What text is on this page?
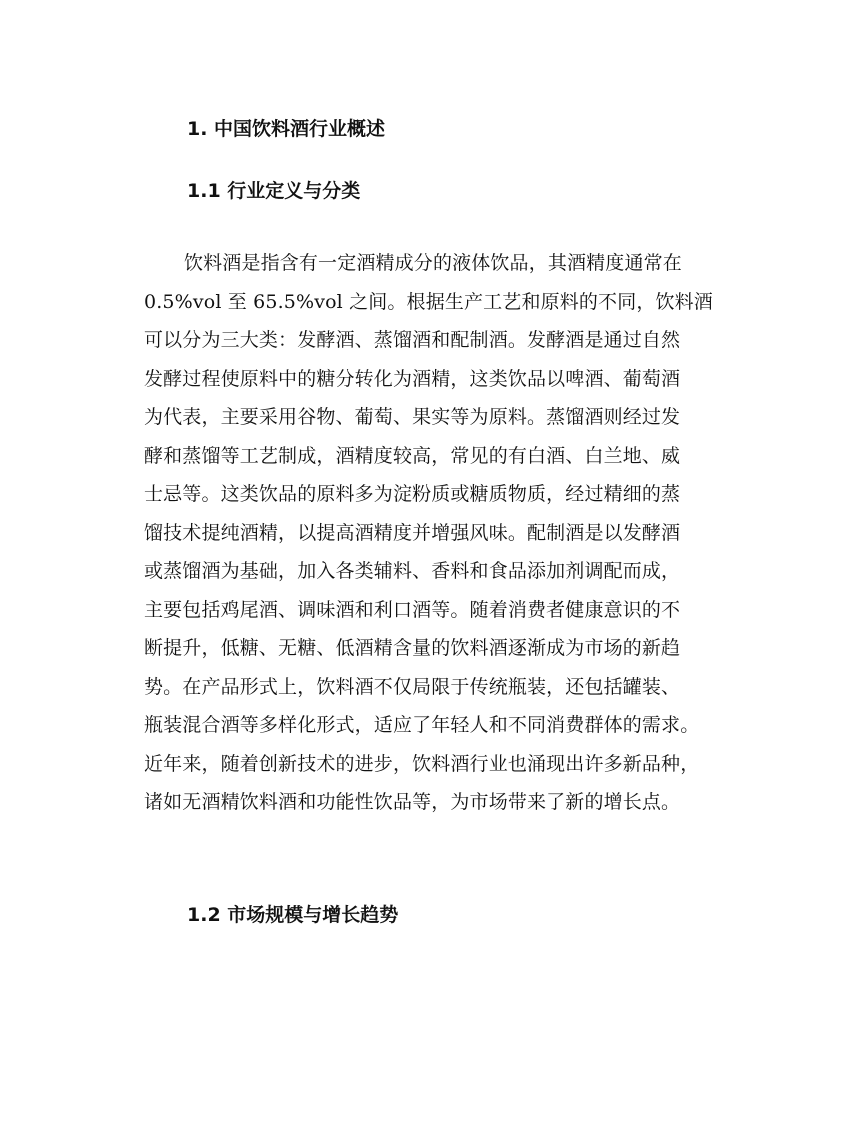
1. 中国饮料酒行业概述
1.1 行业定义与分类
饮料酒是指含有一定酒精成分的液体饮品，其酒精度通常在
0.5%vol 至 65.5%vol 之间。根据生产工艺和原料的不同，饮料酒
可以分为三大类：发酵酒、蒸馏酒和配制酒。发酵酒是通过自然
发酵过程使原料中的糖分转化为酒精，这类饮品以啤酒、葡萄酒
为代表，主要采用谷物、葡萄、果实等为原料。蒸馏酒则经过发
酵和蒸馏等工艺制成，酒精度较高，常见的有白酒、白兰地、威
士忌等。这类饮品的原料多为淀粉质或糖质物质，经过精细的蒸
馏技术提纯酒精，以提高酒精度并增强风味。配制酒是以发酵酒
或蒸馏酒为基础，加入各类辅料、香料和食品添加剂调配而成，
主要包括鸡尾酒、调味酒和利口酒等。随着消费者健康意识的不
断提升，低糖、无糖、低酒精含量的饮料酒逐渐成为市场的新趋
势。在产品形式上，饮料酒不仅局限于传统瓶装，还包括罐装、
瓶装混合酒等多样化形式，适应了年轻人和不同消费群体的需求。
近年来，随着创新技术的进步，饮料酒行业也涌现出许多新品种，
诸如无酒精饮料酒和功能性饮品等，为市场带来了新的增长点。
1.2 市场规模与增长趋势
